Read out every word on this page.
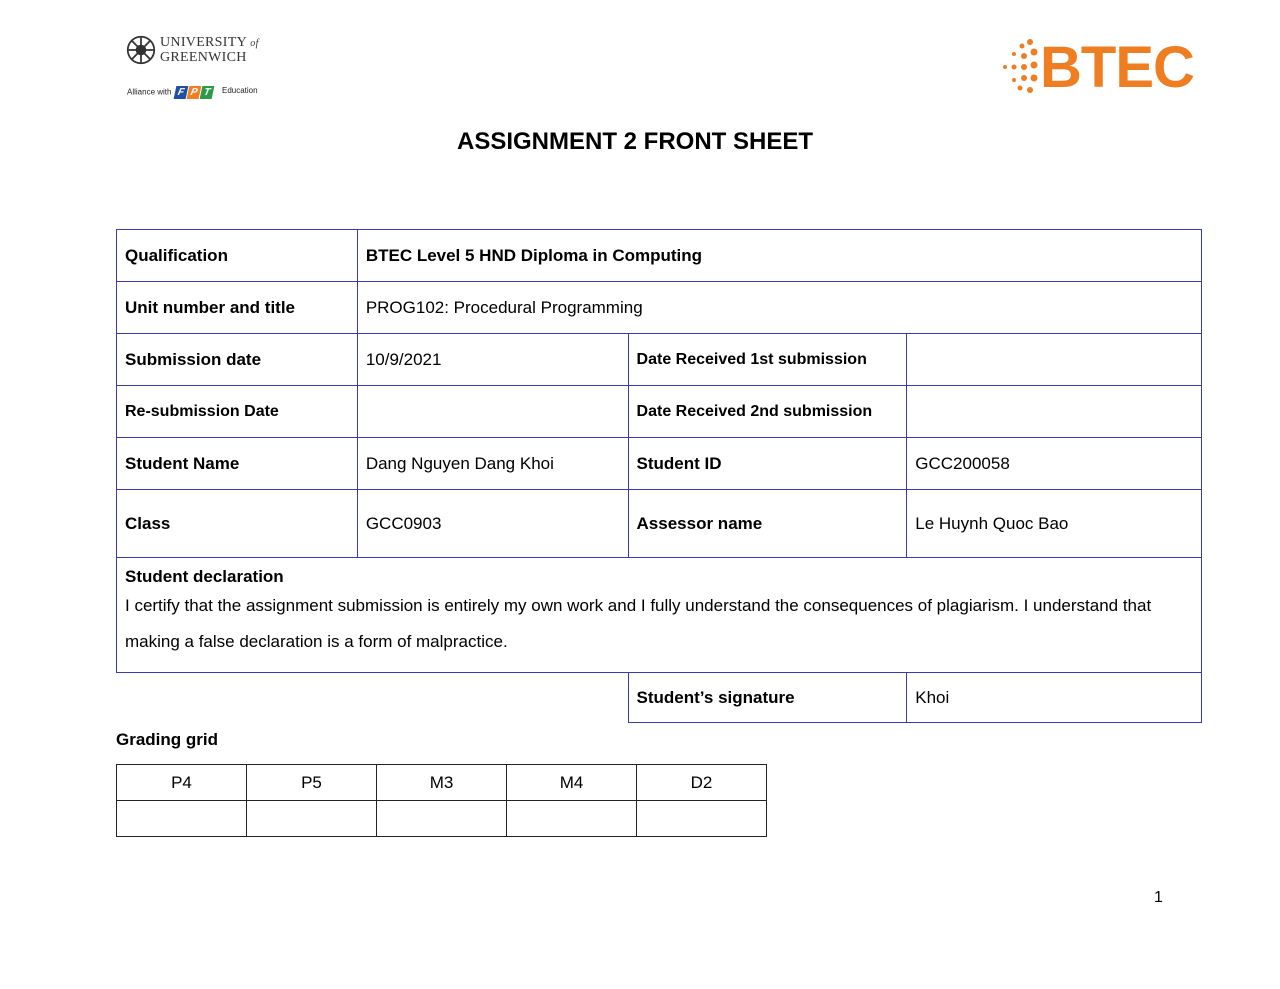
UNIVERSITY of
GREENWICH
Alliance with F P T Education	BTEC
ASSIGNMENT 2 FRONT SHEET
Qualification	BTEC Level 5 HND Diploma in Computing		
Unit number and title	PROG102: Procedural Programming		
Submission date	10/9/2021	Date Received 1st submission	
Re-submission Date		Date Received 2nd submission	
Student Name	Dang Nguyen Dang Khoi	Student ID	GCC200058
Class	GCC0903	Assessor name	Le Huynh Quoc Bao

Student declaration
I certify that the assignment submission is entirely my own work and I fully understand the consequences of plagiarism. I understand that making a false declaration is a form of malpractice.			

		Student’s signature	Khoi
Grading grid
P4	P5	M3	M4	D2

1
